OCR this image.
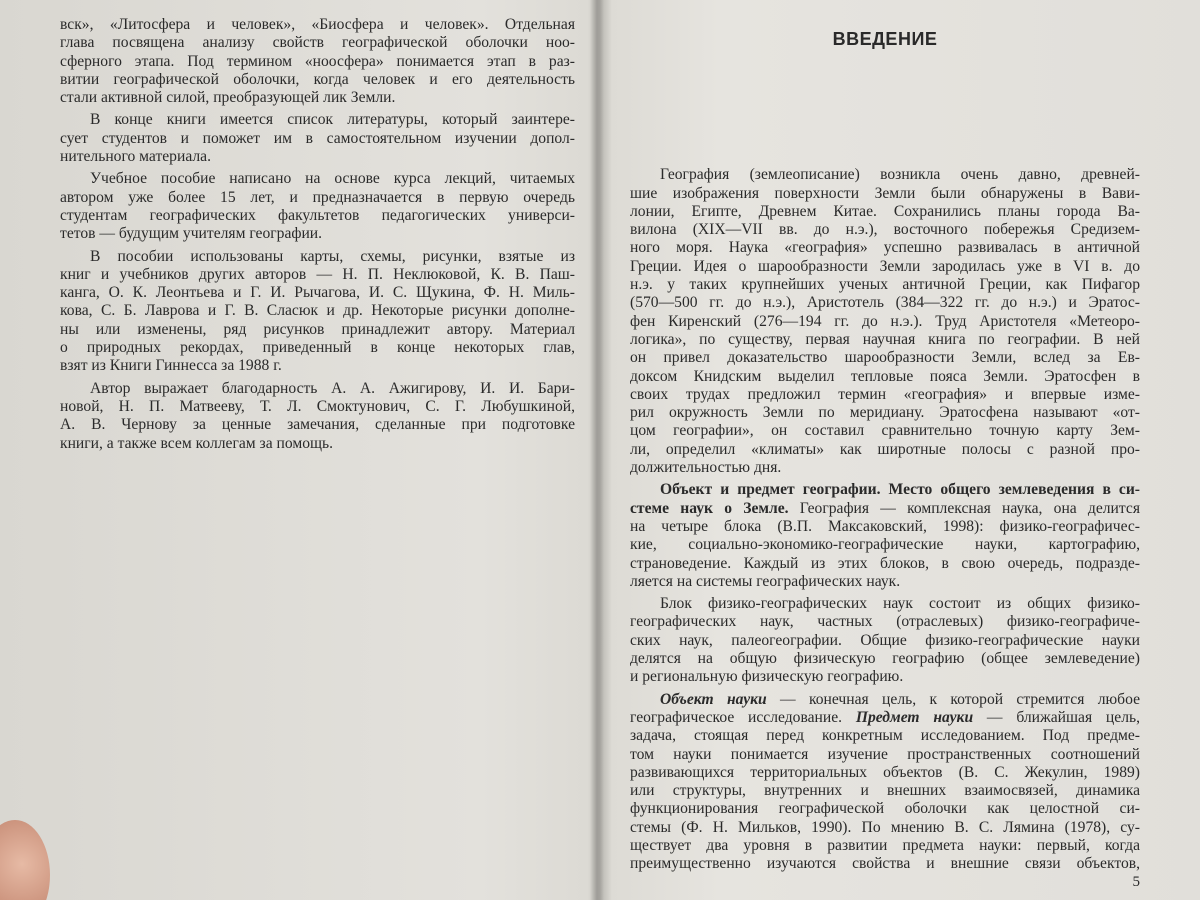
вск», «Литосфера и человек», «Биосфера и человек». Отдельная
глава посвящена анализу свойств географической оболочки ноо-
сферного этапа. Под термином «ноосфера» понимается этап в раз-
витии географической оболочки, когда человек и его деятельность
стали активной силой, преобразующей лик Земли.
В конце книги имеется список литературы, который заинтере-
сует студентов и поможет им в самостоятельном изучении допол-
нительного материала.
Учебное пособие написано на основе курса лекций, читаемых
автором уже более 15 лет, и предназначается в первую очередь
студентам географических факультетов педагогических универси-
тетов — будущим учителям географии.
В пособии использованы карты, схемы, рисунки, взятые из
книг и учебников других авторов — Н. П. Неклюковой, К. В. Паш-
канга, О. К. Леонтьева и Г. И. Рычагова, И. С. Щукина, Ф. Н. Миль-
кова, С. Б. Лаврова и Г. В. Сласюк и др. Некоторые рисунки дополне-
ны или изменены, ряд рисунков принадлежит автору. Материал
о природных рекордах, приведенный в конце некоторых глав,
взят из Книги Гиннесса за 1988 г.
Автор выражает благодарность А. А. Ажигирову, И. И. Бари-
новой, Н. П. Матвееву, Т. Л. Смоктунович, С. Г. Любушкиной,
А. В. Чернову за ценные замечания, сделанные при подготовке
книги, а также всем коллегам за помощь.
ВВЕДЕНИЕ
География (землеописание) возникла очень давно, древней-
шие изображения поверхности Земли были обнаружены в Вави-
лонии, Египте, Древнем Китае. Сохранились планы города Ва-
вилона (XIX—VII вв. до н.э.), восточного побережья Средизем-
ного моря. Наука «география» успешно развивалась в античной
Греции. Идея о шарообразности Земли зародилась уже в VI в. до
н.э. у таких крупнейших ученых античной Греции, как Пифагор
(570—500 гг. до н.э.), Аристотель (384—322 гг. до н.э.) и Эратос-
фен Киренский (276—194 гг. до н.э.). Труд Аристотеля «Метеоро-
логика», по существу, первая научная книга по географии. В ней
он привел доказательство шарообразности Земли, вслед за Ев-
доксом Книдским выделил тепловые пояса Земли. Эратосфен в
своих трудах предложил термин «география» и впервые изме-
рил окружность Земли по меридиану. Эратосфена называют «от-
цом географии», он составил сравнительно точную карту Зем-
ли, определил «климаты» как широтные полосы с разной про-
должительностью дня.
Объект и предмет географии. Место общего землеведения в си-
стеме наук о Земле. География — комплексная наука, она делится
на четыре блока (В.П. Максаковский, 1998): физико-географичес-
кие, социально-экономико-географические науки, картографию,
страноведение. Каждый из этих блоков, в свою очередь, подразде-
ляется на системы географических наук.
Блок физико-географических наук состоит из общих физико-
географических наук, частных (отраслевых) физико-географиче-
ских наук, палеогеографии. Общие физико-географические науки
делятся на общую физическую географию (общее землеведение)
и региональную физическую географию.
Объект науки — конечная цель, к которой стремится любое
географическое исследование. Предмет науки — ближайшая цель,
задача, стоящая перед конкретным исследованием. Под предме-
том науки понимается изучение пространственных соотношений
развивающихся территориальных объектов (В. С. Жекулин, 1989)
или структуры, внутренних и внешних взаимосвязей, динамика
функционирования географической оболочки как целостной си-
стемы (Ф. Н. Мильков, 1990). По мнению В. С. Лямина (1978), су-
ществует два уровня в развитии предмета науки: первый, когда
преимущественно изучаются свойства и внешние связи объектов,
5
